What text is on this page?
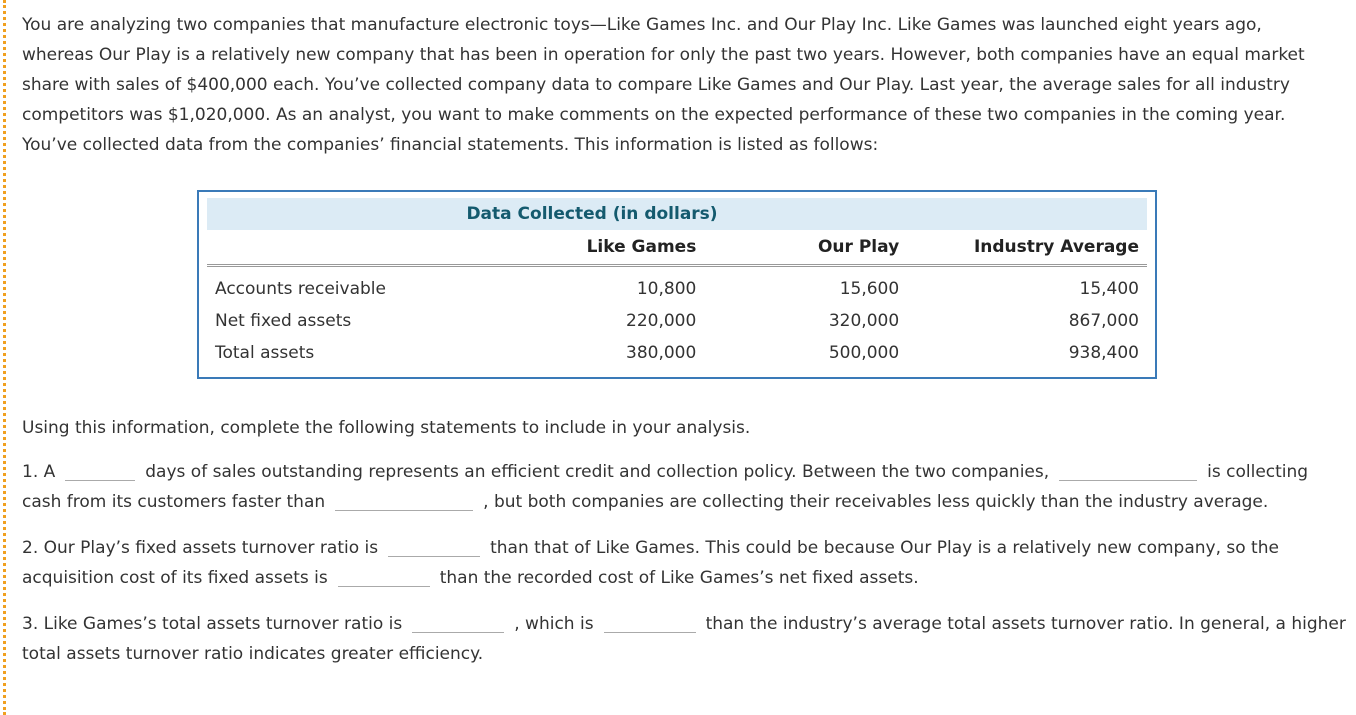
You are analyzing two companies that manufacture electronic toys—Like Games Inc. and Our Play Inc. Like Games was launched eight years ago, whereas Our Play is a relatively new company that has been in operation for only the past two years. However, both companies have an equal market share with sales of $400,000 each. You’ve collected company data to compare Like Games and Our Play. Last year, the average sales for all industry competitors was $1,020,000. As an analyst, you want to make comments on the expected performance of these two companies in the coming year. You’ve collected data from the companies’ financial statements. This information is listed as follows:

Data Collected (in dollars)			
	Like Games	Our Play	Industry Average
Accounts receivable	10,800	15,600	15,400
Net fixed assets	220,000	320,000	867,000
Total assets	380,000	500,000	938,400

Using this information, complete the following statements to include in your analysis.

1. A	days of sales outstanding represents an efficient credit and collection policy. Between the two companies,	is collecting cash from its customers faster than	, but both companies are collecting their receivables less quickly than the industry average.

2. Our Play’s fixed assets turnover ratio is	than that of Like Games. This could be because Our Play is a relatively new company, so the acquisition cost of its fixed assets is	than the recorded cost of Like Games’s net fixed assets.

3. Like Games’s total assets turnover ratio is	, which is	than the industry’s average total assets turnover ratio. In general, a higher total assets turnover ratio indicates greater efficiency.
